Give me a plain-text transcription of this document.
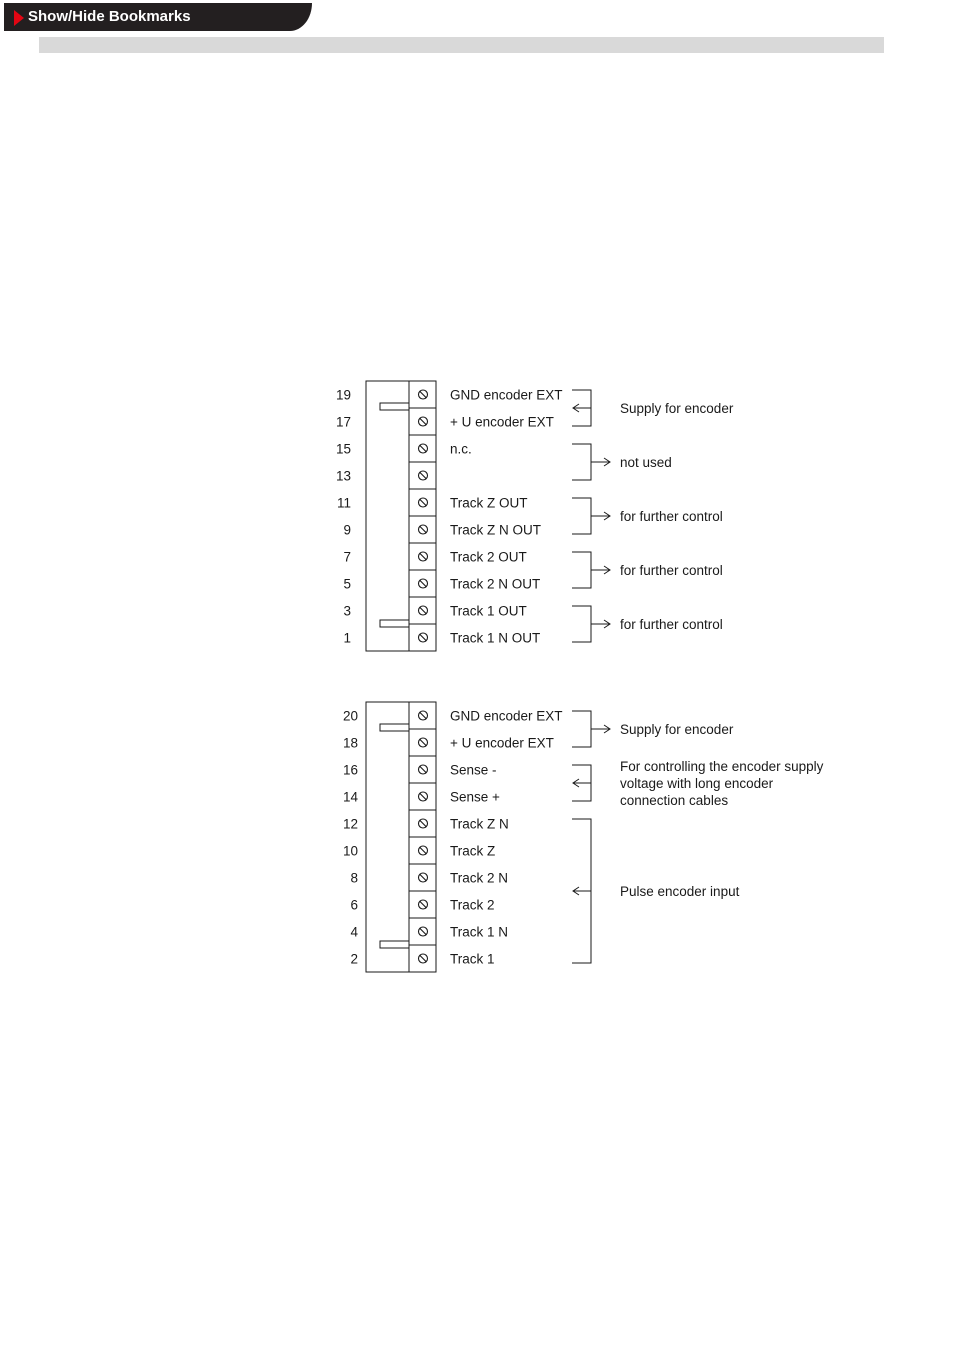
Show/Hide Bookmarks
19	GND encoder EXT
17	+ U encoder EXT
15	n.c.
13
11	Track Z OUT
9	Track Z N OUT
7	Track 2 OUT
5	Track 2 N OUT
3	Track 1 OUT
1	Track 1 N OUT
Supply for encoder
not used
for further control
for further control
for further control
20	GND encoder EXT
18	+ U encoder EXT
16	Sense -
14	Sense +
12	Track Z N
10	Track Z
8	Track 2 N
6	Track 2
4	Track 1 N
2	Track 1
Supply for encoder
For controlling the encoder supply
voltage with long encoder
connection cables
Pulse encoder input
